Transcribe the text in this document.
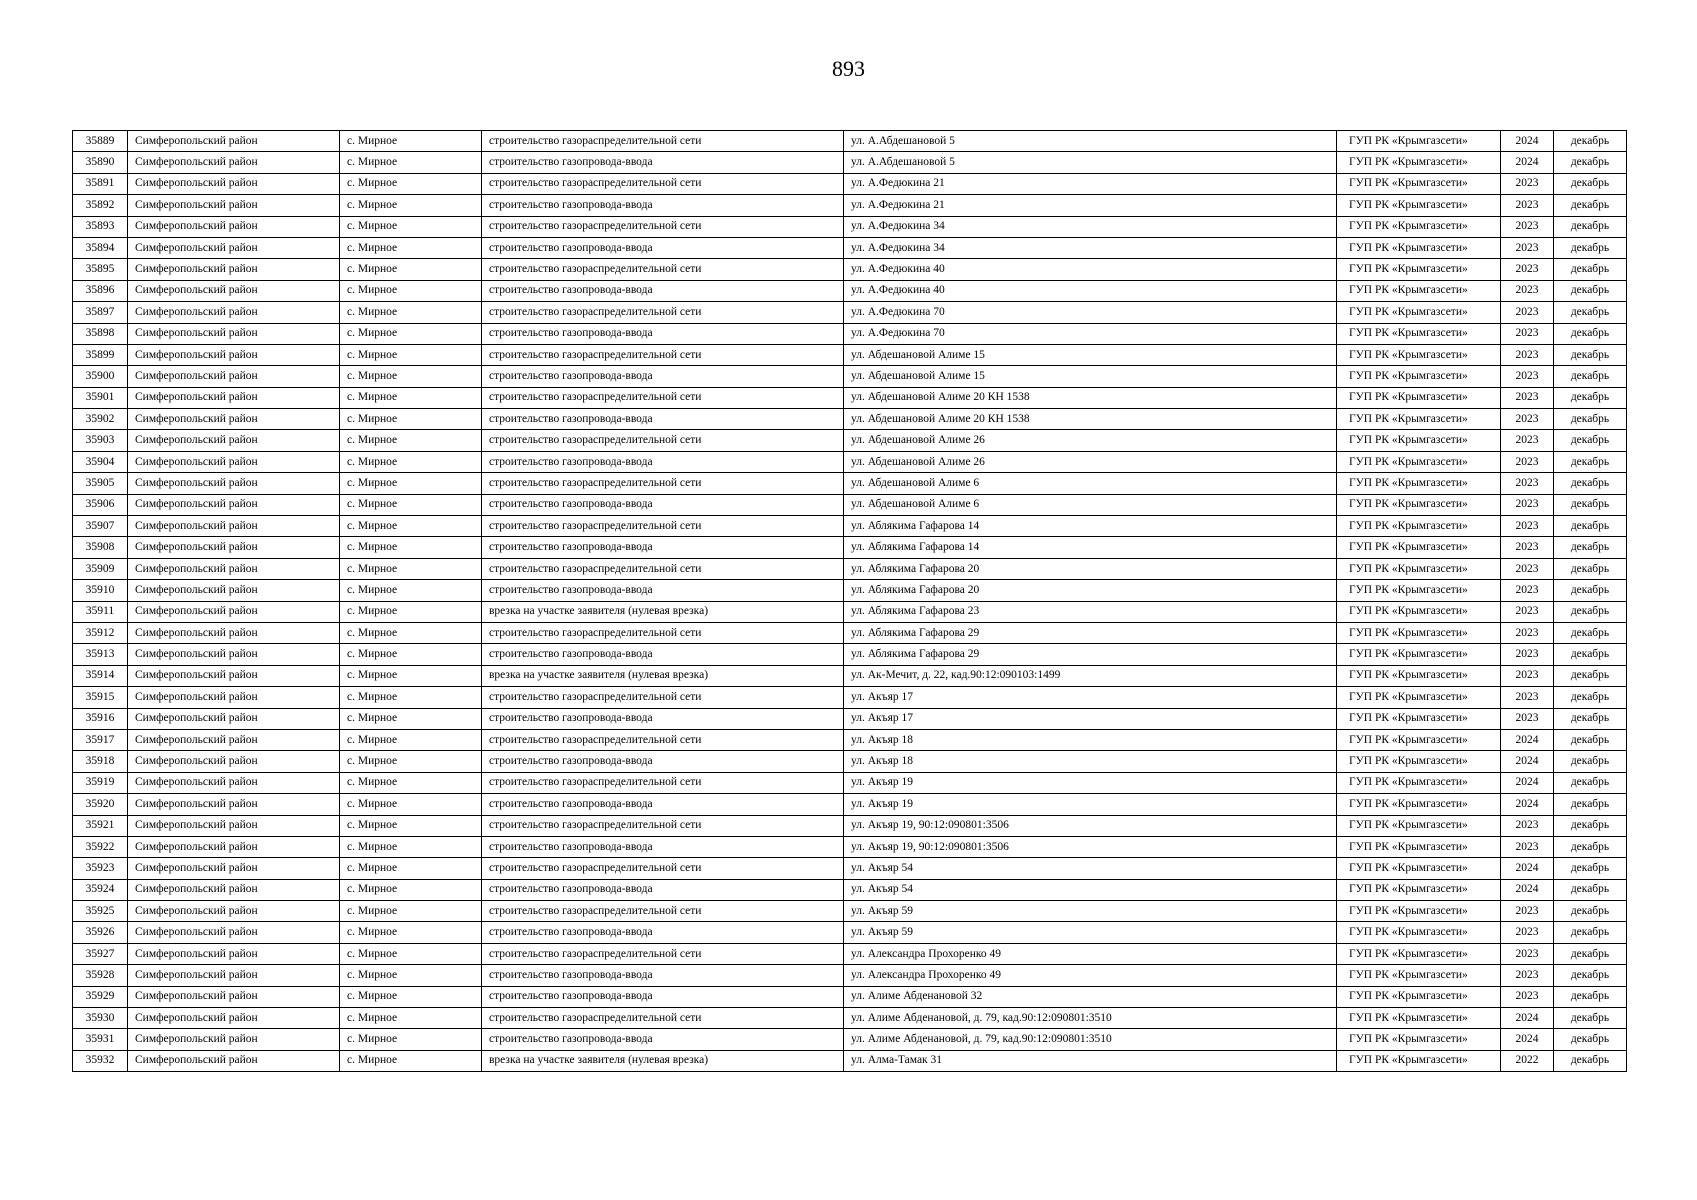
893
35889	Симферопольский район	с. Мирное	строительство газораспределительной сети	ул. А.Абдешановой 5	ГУП РК «Крымгазсети»	2024	декабрь
35890	Симферопольский район	с. Мирное	строительство газопровода-ввода	ул. А.Абдешановой 5	ГУП РК «Крымгазсети»	2024	декабрь
35891	Симферопольский район	с. Мирное	строительство газораспределительной сети	ул. А.Федюкина 21	ГУП РК «Крымгазсети»	2023	декабрь
35892	Симферопольский район	с. Мирное	строительство газопровода-ввода	ул. А.Федюкина 21	ГУП РК «Крымгазсети»	2023	декабрь
35893	Симферопольский район	с. Мирное	строительство газораспределительной сети	ул. А.Федюкина 34	ГУП РК «Крымгазсети»	2023	декабрь
35894	Симферопольский район	с. Мирное	строительство газопровода-ввода	ул. А.Федюкина 34	ГУП РК «Крымгазсети»	2023	декабрь
35895	Симферопольский район	с. Мирное	строительство газораспределительной сети	ул. А.Федюкина 40	ГУП РК «Крымгазсети»	2023	декабрь
35896	Симферопольский район	с. Мирное	строительство газопровода-ввода	ул. А.Федюкина 40	ГУП РК «Крымгазсети»	2023	декабрь
35897	Симферопольский район	с. Мирное	строительство газораспределительной сети	ул. А.Федюкина 70	ГУП РК «Крымгазсети»	2023	декабрь
35898	Симферопольский район	с. Мирное	строительство газопровода-ввода	ул. А.Федюкина 70	ГУП РК «Крымгазсети»	2023	декабрь
35899	Симферопольский район	с. Мирное	строительство газораспределительной сети	ул. Абдешановой Алиме 15	ГУП РК «Крымгазсети»	2023	декабрь
35900	Симферопольский район	с. Мирное	строительство газопровода-ввода	ул. Абдешановой Алиме 15	ГУП РК «Крымгазсети»	2023	декабрь
35901	Симферопольский район	с. Мирное	строительство газораспределительной сети	ул. Абдешановой Алиме 20 КН 1538	ГУП РК «Крымгазсети»	2023	декабрь
35902	Симферопольский район	с. Мирное	строительство газопровода-ввода	ул. Абдешановой Алиме 20 КН 1538	ГУП РК «Крымгазсети»	2023	декабрь
35903	Симферопольский район	с. Мирное	строительство газораспределительной сети	ул. Абдешановой Алиме 26	ГУП РК «Крымгазсети»	2023	декабрь
35904	Симферопольский район	с. Мирное	строительство газопровода-ввода	ул. Абдешановой Алиме 26	ГУП РК «Крымгазсети»	2023	декабрь
35905	Симферопольский район	с. Мирное	строительство газораспределительной сети	ул. Абдешановой Алиме 6	ГУП РК «Крымгазсети»	2023	декабрь
35906	Симферопольский район	с. Мирное	строительство газопровода-ввода	ул. Абдешановой Алиме 6	ГУП РК «Крымгазсети»	2023	декабрь
35907	Симферопольский район	с. Мирное	строительство газораспределительной сети	ул. Аблякима Гафарова 14	ГУП РК «Крымгазсети»	2023	декабрь
35908	Симферопольский район	с. Мирное	строительство газопровода-ввода	ул. Аблякима Гафарова 14	ГУП РК «Крымгазсети»	2023	декабрь
35909	Симферопольский район	с. Мирное	строительство газораспределительной сети	ул. Аблякима Гафарова 20	ГУП РК «Крымгазсети»	2023	декабрь
35910	Симферопольский район	с. Мирное	строительство газопровода-ввода	ул. Аблякима Гафарова 20	ГУП РК «Крымгазсети»	2023	декабрь
35911	Симферопольский район	с. Мирное	врезка на участке заявителя (нулевая врезка)	ул. Аблякима Гафарова 23	ГУП РК «Крымгазсети»	2023	декабрь
35912	Симферопольский район	с. Мирное	строительство газораспределительной сети	ул. Аблякима Гафарова 29	ГУП РК «Крымгазсети»	2023	декабрь
35913	Симферопольский район	с. Мирное	строительство газопровода-ввода	ул. Аблякима Гафарова 29	ГУП РК «Крымгазсети»	2023	декабрь
35914	Симферопольский район	с. Мирное	врезка на участке заявителя (нулевая врезка)	ул. Ак-Мечит, д. 22, кад.90:12:090103:1499	ГУП РК «Крымгазсети»	2023	декабрь
35915	Симферопольский район	с. Мирное	строительство газораспределительной сети	ул. Акъяр 17	ГУП РК «Крымгазсети»	2023	декабрь
35916	Симферопольский район	с. Мирное	строительство газопровода-ввода	ул. Акъяр 17	ГУП РК «Крымгазсети»	2023	декабрь
35917	Симферопольский район	с. Мирное	строительство газораспределительной сети	ул. Акъяр 18	ГУП РК «Крымгазсети»	2024	декабрь
35918	Симферопольский район	с. Мирное	строительство газопровода-ввода	ул. Акъяр 18	ГУП РК «Крымгазсети»	2024	декабрь
35919	Симферопольский район	с. Мирное	строительство газораспределительной сети	ул. Акъяр 19	ГУП РК «Крымгазсети»	2024	декабрь
35920	Симферопольский район	с. Мирное	строительство газопровода-ввода	ул. Акъяр 19	ГУП РК «Крымгазсети»	2024	декабрь
35921	Симферопольский район	с. Мирное	строительство газораспределительной сети	ул. Акъяр 19, 90:12:090801:3506	ГУП РК «Крымгазсети»	2023	декабрь
35922	Симферопольский район	с. Мирное	строительство газопровода-ввода	ул. Акъяр 19, 90:12:090801:3506	ГУП РК «Крымгазсети»	2023	декабрь
35923	Симферопольский район	с. Мирное	строительство газораспределительной сети	ул. Акъяр 54	ГУП РК «Крымгазсети»	2024	декабрь
35924	Симферопольский район	с. Мирное	строительство газопровода-ввода	ул. Акъяр 54	ГУП РК «Крымгазсети»	2024	декабрь
35925	Симферопольский район	с. Мирное	строительство газораспределительной сети	ул. Акъяр 59	ГУП РК «Крымгазсети»	2023	декабрь
35926	Симферопольский район	с. Мирное	строительство газопровода-ввода	ул. Акъяр 59	ГУП РК «Крымгазсети»	2023	декабрь
35927	Симферопольский район	с. Мирное	строительство газораспределительной сети	ул. Александра Прохоренко 49	ГУП РК «Крымгазсети»	2023	декабрь
35928	Симферопольский район	с. Мирное	строительство газопровода-ввода	ул. Александра Прохоренко 49	ГУП РК «Крымгазсети»	2023	декабрь
35929	Симферопольский район	с. Мирное	строительство газопровода-ввода	ул. Алиме Абденановой 32	ГУП РК «Крымгазсети»	2023	декабрь
35930	Симферопольский район	с. Мирное	строительство газораспределительной сети	ул. Алиме Абденановой, д. 79, кад.90:12:090801:3510	ГУП РК «Крымгазсети»	2024	декабрь
35931	Симферопольский район	с. Мирное	строительство газопровода-ввода	ул. Алиме Абденановой, д. 79, кад.90:12:090801:3510	ГУП РК «Крымгазсети»	2024	декабрь
35932	Симферопольский район	с. Мирное	врезка на участке заявителя (нулевая врезка)	ул. Алма-Тамак 31	ГУП РК «Крымгазсети»	2022	декабрь
